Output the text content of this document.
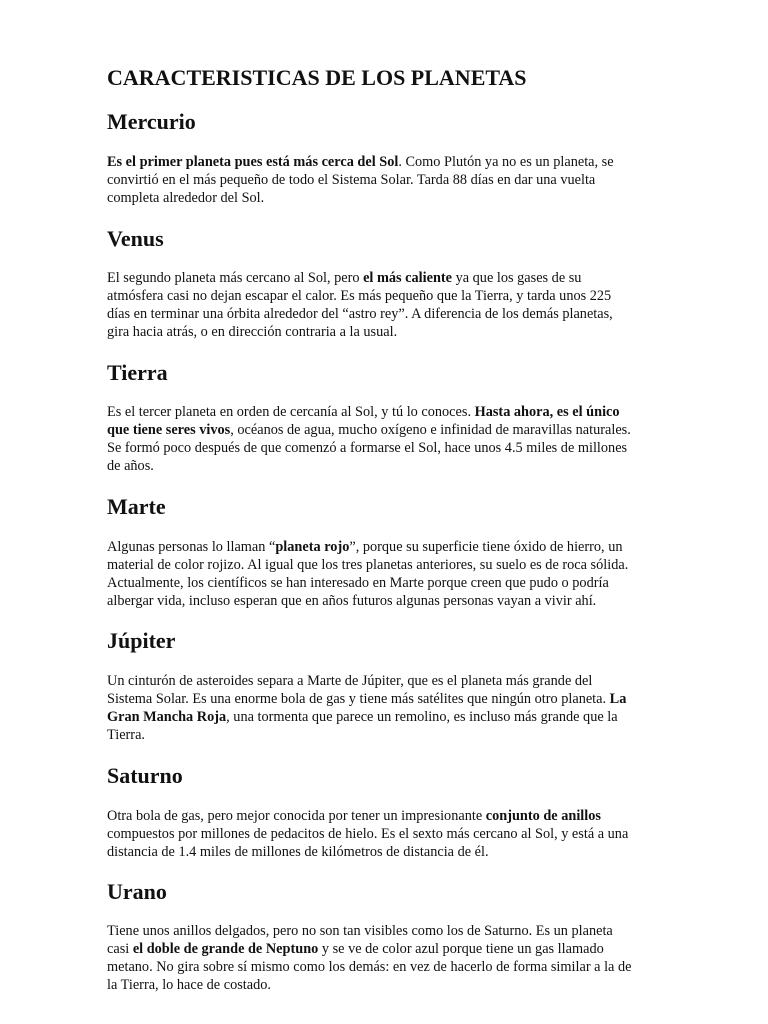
CARACTERISTICAS DE LOS PLANETAS
Mercurio

Es el primer planeta pues está más cerca del Sol. Como Plutón ya no es un planeta, se
convirtió en el más pequeño de todo el Sistema Solar. Tarda 88 días en dar una vuelta
completa alrededor del Sol.

Venus

El segundo planeta más cercano al Sol, pero el más caliente ya que los gases de su
atmósfera casi no dejan escapar el calor. Es más pequeño que la Tierra, y tarda unos 225
días en terminar una órbita alrededor del “astro rey”. A diferencia de los demás planetas,
gira hacia atrás, o en dirección contraria a la usual.

Tierra

Es el tercer planeta en orden de cercanía al Sol, y tú lo conoces. Hasta ahora, es el único
que tiene seres vivos, océanos de agua, mucho oxígeno e infinidad de maravillas naturales.
Se formó poco después de que comenzó a formarse el Sol, hace unos 4.5 miles de millones
de años.

Marte

Algunas personas lo llaman “planeta rojo”, porque su superficie tiene óxido de hierro, un
material de color rojizo. Al igual que los tres planetas anteriores, su suelo es de roca sólida.
Actualmente, los científicos se han interesado en Marte porque creen que pudo o podría
albergar vida, incluso esperan que en años futuros algunas personas vayan a vivir ahí.

Júpiter

Un cinturón de asteroides separa a Marte de Júpiter, que es el planeta más grande del
Sistema Solar. Es una enorme bola de gas y tiene más satélites que ningún otro planeta. La
Gran Mancha Roja, una tormenta que parece un remolino, es incluso más grande que la
Tierra.

Saturno

Otra bola de gas, pero mejor conocida por tener un impresionante conjunto de anillos
compuestos por millones de pedacitos de hielo. Es el sexto más cercano al Sol, y está a una
distancia de 1.4 miles de millones de kilómetros de distancia de él.

Urano

Tiene unos anillos delgados, pero no son tan visibles como los de Saturno. Es un planeta
casi el doble de grande de Neptuno y se ve de color azul porque tiene un gas llamado
metano. No gira sobre sí mismo como los demás: en vez de hacerlo de forma similar a la de
la Tierra, lo hace de costado.
